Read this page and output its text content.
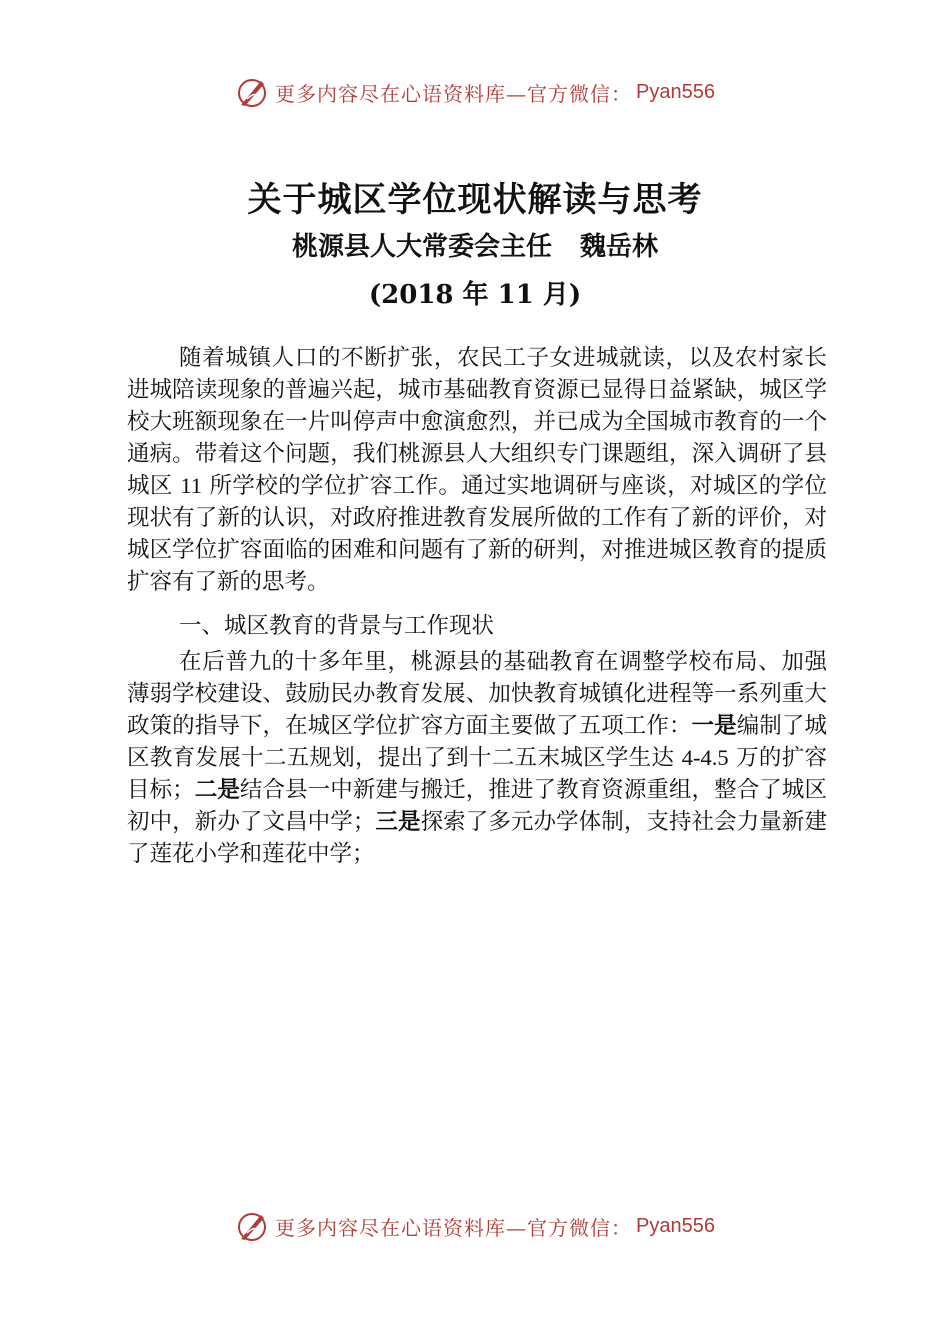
更多内容尽在心语资料库—官方微信： Pyan556
关于城区学位现状解读与思考
桃源县人大常委会主任 魏岳林
(2018 年 11 月)

随着城镇人口的不断扩张，农民工子女进城就读，以及农村家长进城陪读现象的普遍兴起，城市基础教育资源已显得日益紧缺，城区学校大班额现象在一片叫停声中愈演愈烈，并已成为全国城市教育的一个通病。带着这个问题，我们桃源县人大组织专门课题组，深入调研了县城区 11 所学校的学位扩容工作。通过实地调研与座谈，对城区的学位现状有了新的认识，对政府推进教育发展所做的工作有了新的评价，对城区学位扩容面临的困难和问题有了新的研判，对推进城区教育的提质扩容有了新的思考。

一、城区教育的背景与工作现状

在后普九的十多年里，桃源县的基础教育在调整学校布局、加强薄弱学校建设、鼓励民办教育发展、加快教育城镇化进程等一系列重大政策的指导下，在城区学位扩容方面主要做了五项工作：一是编制了城区教育发展十二五规划，提出了到十二五末城区学生达 4-4.5 万的扩容目标；二是结合县一中新建与搬迁，推进了教育资源重组，整合了城区初中，新办了文昌中学；三是探索了多元办学体制，支持社会力量新建了莲花小学和莲花中学；

更多内容尽在心语资料库—官方微信： Pyan556
